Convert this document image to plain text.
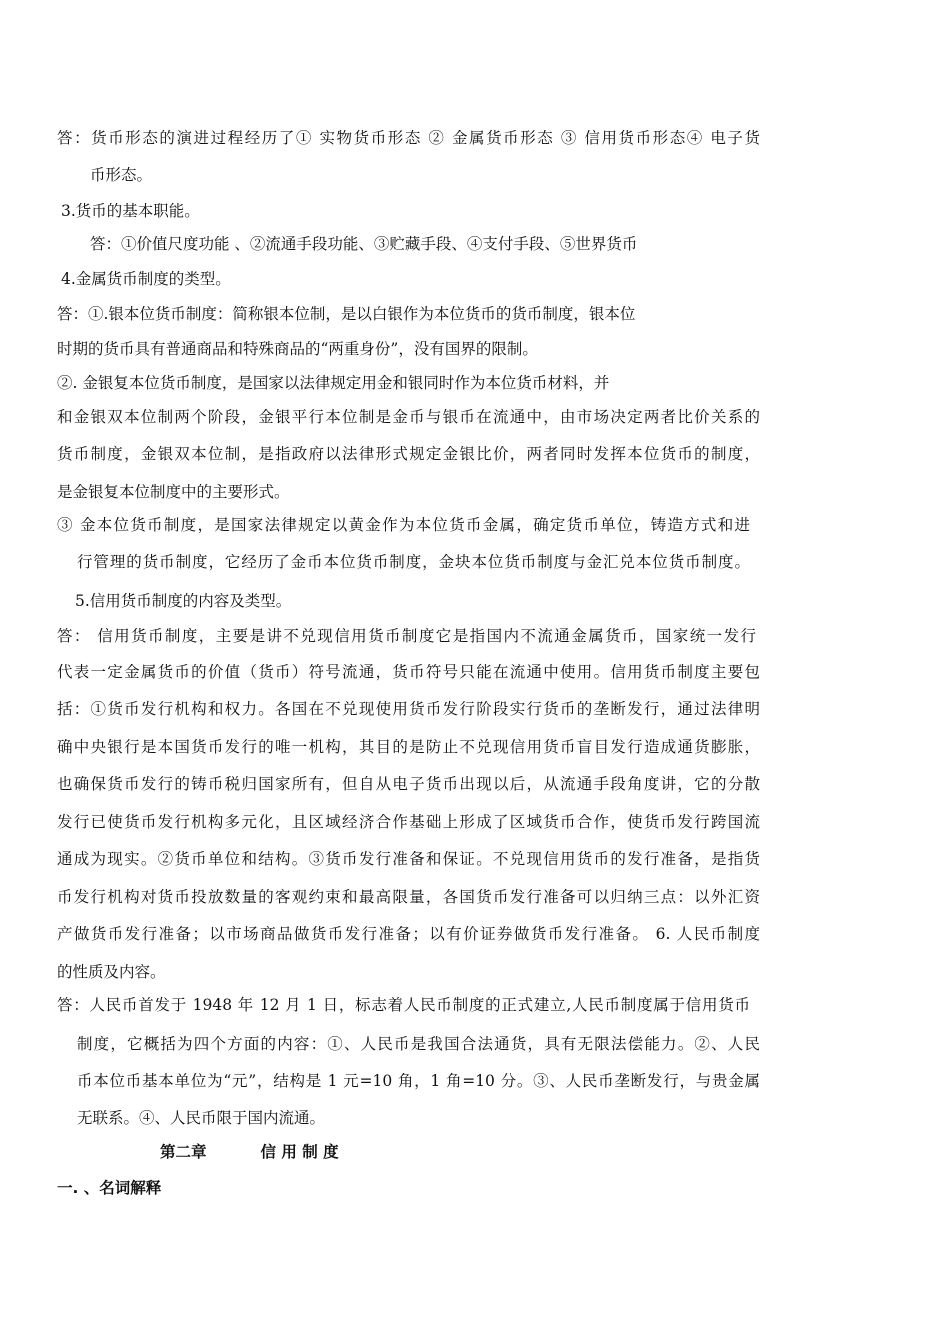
答：货币形态的演进过程经历了① 实物货币形态 ② 金属货币形态 ③ 信用货币形态④ 电子货
币形态。
3.货币的基本职能。
答：①价值尺度功能 、②流通手段功能、③贮藏手段、④支付手段、⑤世界货币
4.金属货币制度的类型。
答：①.银本位货币制度：简称银本位制，是以白银作为本位货币的货币制度，银本位
时期的货币具有普通商品和特殊商品的“两重身份”，没有国界的限制。
②. 金银复本位货币制度，是国家以法律规定用金和银同时作为本位货币材料，并
和金银双本位制两个阶段，金银平行本位制是金币与银币在流通中，由市场决定两者比价关系的
货币制度，金银双本位制，是指政府以法律形式规定金银比价，两者同时发挥本位货币的制度，
是金银复本位制度中的主要形式。
③ 金本位货币制度，是国家法律规定以黄金作为本位货币金属，确定货币单位，铸造方式和进
行管理的货币制度，它经历了金币本位货币制度，金块本位货币制度与金汇兑本位货币制度。
5.信用货币制度的内容及类型。
答： 信用货币制度，主要是讲不兑现信用货币制度它是指国内不流通金属货币，国家统一发行
代表一定金属货币的价值（货币）符号流通，货币符号只能在流通中使用。信用货币制度主要包
括：①货币发行机构和权力。各国在不兑现使用货币发行阶段实行货币的垄断发行，通过法律明
确中央银行是本国货币发行的唯一机构，其目的是防止不兑现信用货币盲目发行造成通货膨胀，
也确保货币发行的铸币税归国家所有，但自从电子货币出现以后，从流通手段角度讲，它的分散
发行已使货币发行机构多元化，且区域经济合作基础上形成了区域货币合作，使货币发行跨国流
通成为现实。②货币单位和结构。③货币发行准备和保证。不兑现信用货币的发行准备，是指货
币发行机构对货币投放数量的客观约束和最高限量，各国货币发行准备可以归纳三点：以外汇资
产做货币发行准备；以市场商品做货币发行准备；以有价证券做货币发行准备。 6. 人民币制度
的性质及内容。
答：人民币首发于 1948 年 12 月 1 日，标志着人民币制度的正式建立,人民币制度属于信用货币
制度，它概括为四个方面的内容：①、人民币是我国合法通货，具有无限法偿能力。②、人民
币本位币基本单位为“元”，结构是 1 元=10 角，1 角=10 分。③、人民币垄断发行，与贵金属
无联系。④、人民币限于国内流通。
第二章          信 用 制 度
一. 、名词解释
